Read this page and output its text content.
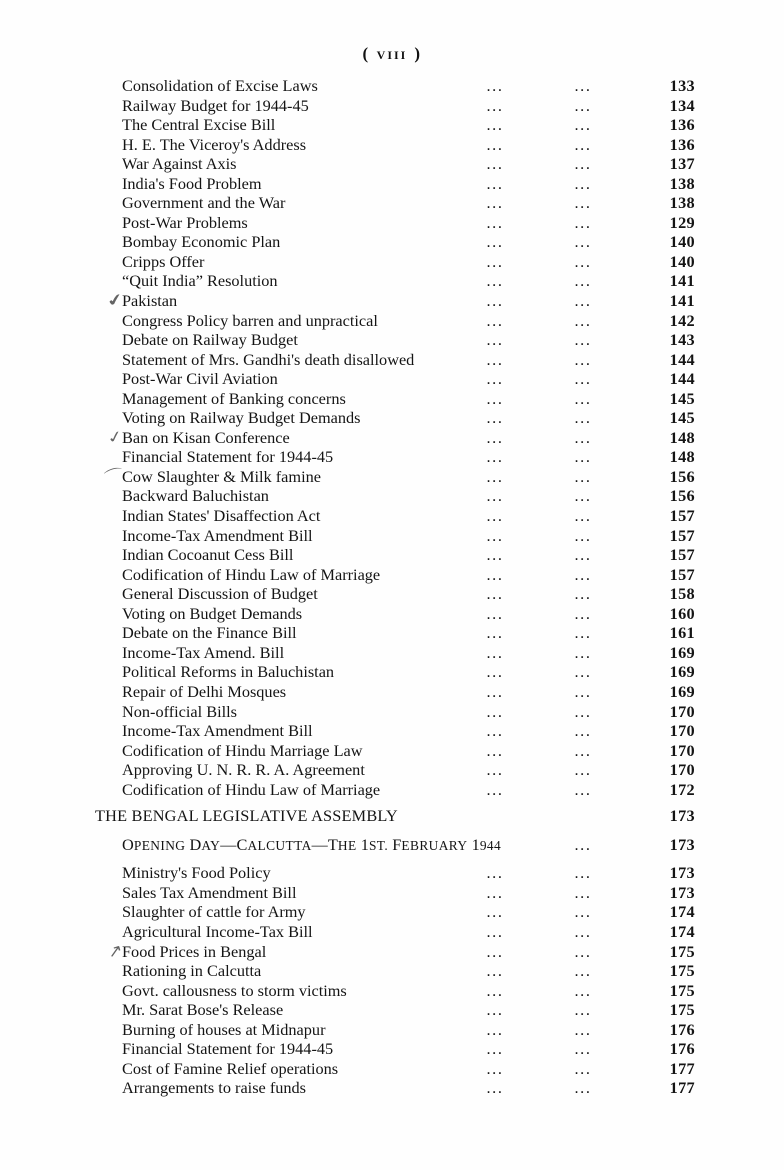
( viii )
Consolidation of Excise Laws	...	...	133
Railway Budget for 1944-45	...	...	134
The Central Excise Bill	...	...	136
H. E. The Viceroy's Address	...	...	136
War Against Axis	...	...	137
India's Food Problem	...	...	138
Government and the War	...	...	138
Post-War Problems	...	...	129
Bombay Economic Plan	...	...	140
Cripps Offer	...	...	140
“Quit India” Resolution	...	...	141
✔
Pakistan	...	...	141
Congress Policy barren and unpractical	...	...	142
Debate on Railway Budget	...	...	143
Statement of Mrs. Gandhi's death disallowed	...	...	144
Post-War Civil Aviation	...	...	144
Management of Banking concerns	...	...	145
Voting on Railway Budget Demands	...	...	145
✓
Ban on Kisan Conference	...	...	148
Financial Statement for 1944-45	...	...	148
⌒
Cow Slaughter & Milk famine	...	...	156
Backward Baluchistan	...	...	156
Indian States' Disaffection Act	...	...	157
Income-Tax Amendment Bill	...	...	157
Indian Cocoanut Cess Bill	...	...	157
Codification of Hindu Law of Marriage	...	...	157
General Discussion of Budget	...	...	158
Voting on Budget Demands	...	...	160
Debate on the Finance Bill	...	...	161
Income-Tax Amend. Bill	...	...	169
Political Reforms in Baluchistan	...	...	169
Repair of Delhi Mosques	...	...	169
Non-official Bills	...	...	170
Income-Tax Amendment Bill	...	...	170
Codification of Hindu Marriage Law	...	...	170
Approving U. N. R. R. A. Agreement	...	...	170
Codification of Hindu Law of Marriage	...	...	172
THE BENGAL LEGISLATIVE ASSEMBLY	173
OPENING DAY—CALCUTTA—THE 1ST. FEBRUARY 1944	...	173
Ministry's Food Policy	...	...	173
Sales Tax Amendment Bill	...	...	173
Slaughter of cattle for Army	...	...	174
Agricultural Income-Tax Bill	...	...	174
↗
Food Prices in Bengal	...	...	175
Rationing in Calcutta	...	...	175
Govt. callousness to storm victims	...	...	175
Mr. Sarat Bose's Release	...	...	175
Burning of houses at Midnapur	...	...	176
Financial Statement for 1944-45	...	...	176
Cost of Famine Relief operations	...	...	177
Arrangements to raise funds	...	...	177
